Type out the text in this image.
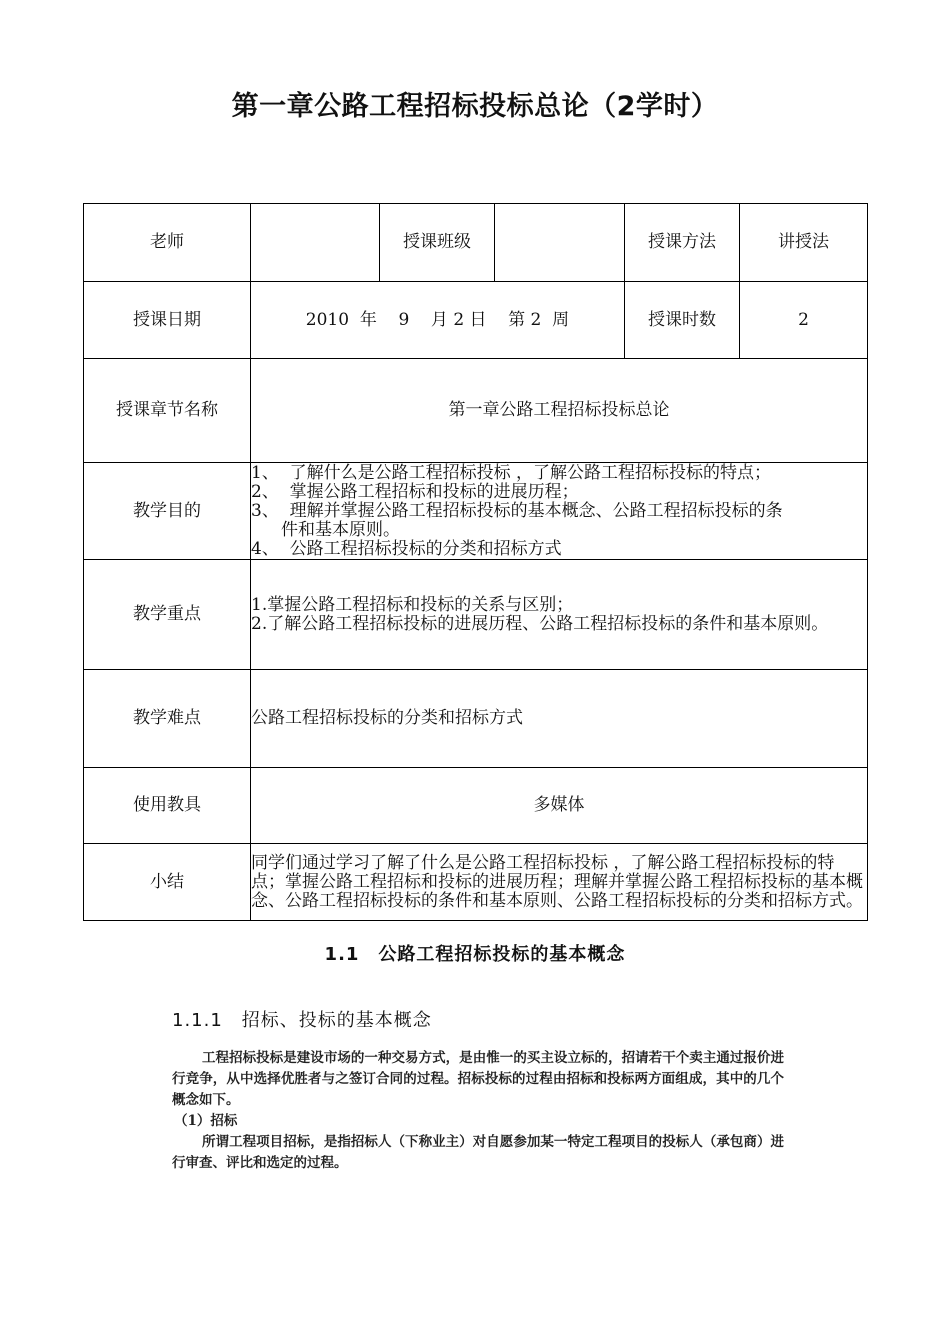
第一章公路工程招标投标总论（2学时）
老师		授课班级		授课方法	讲授法
授课日期	2010  年    9    月 2 日    第 2  周			授课时数	2
授课章节名称	第一章公路工程招标投标总论				
教学目的	1、  了解什么是公路工程招标投标 ，了解公路工程招标投标的特点；
2、  掌握公路工程招标和投标的进展历程；
3、  理解并掌握公路工程招标投标的基本概念、公路工程招标投标的条
件和基本原则。
4、  公路工程招标投标的分类和招标方式				

教学重点	1.掌握公路工程招标和投标的关系与区别；
2.了解公路工程招标投标的进展历程、公路工程招标投标的条件和基本原则。				
教学难点	公路工程招标投标的分类和招标方式				
使用教具	多媒体				
小结	同学们通过学习了解了什么是公路工程招标投标 ，了解公路工程招标投标的特点；掌握公路工程招标和投标的进展历程；理解并掌握公路工程招标投标的基本概念、公路工程招标投标的条件和基本原则、公路工程招标投标的分类和招标方式。				
1.1　公路工程招标投标的基本概念
1.1.1　招标、投标的基本概念

工程招标投标是建设市场的一种交易方式，是由惟一的买主设立标的，招请若干个卖主通过报价进行竞争，从中选择优胜者与之签订合同的过程。招标投标的过程由招标和投标两方面组成，其中的几个概念如下。

（1）招标

所谓工程项目招标，是指招标人（下称业主）对自愿参加某一特定工程项目的投标人（承包商）进行审查、评比和选定的过程。
